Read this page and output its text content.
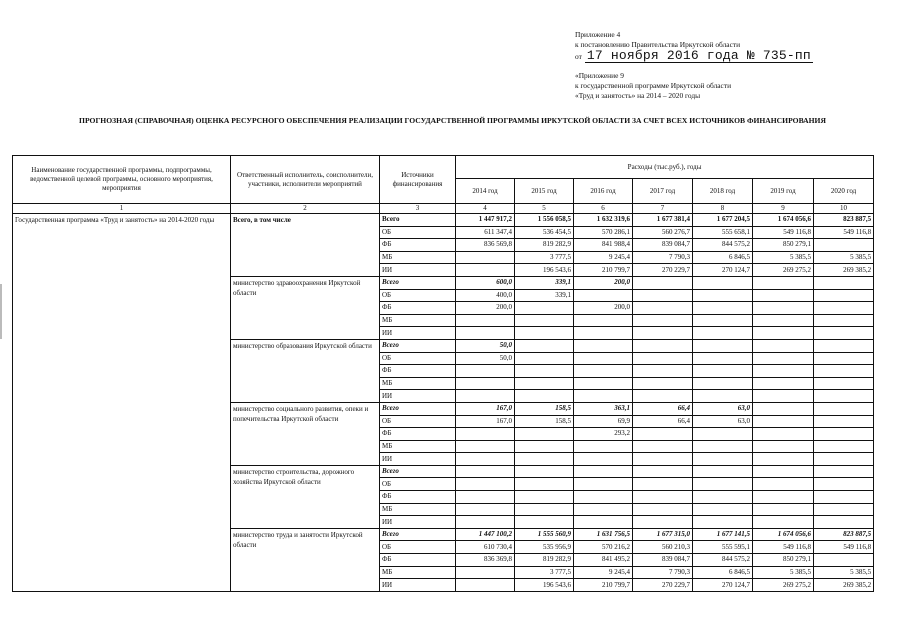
Приложение 4
к постановлению Правительства Иркутской области
от 17 ноября 2016 года № 735-пп
«Приложение 9
к государственной программе Иркутской области
«Труд и занятость» на 2014 – 2020 годы
ПРОГНОЗНАЯ (СПРАВОЧНАЯ) ОЦЕНКА РЕСУРСНОГО ОБЕСПЕЧЕНИЯ РЕАЛИЗАЦИИ ГОСУДАРСТВЕННОЙ ПРОГРАММЫ ИРКУТСКОЙ ОБЛАСТИ ЗА СЧЕТ ВСЕХ ИСТОЧНИКОВ ФИНАНСИРОВАНИЯ
Наименование государственной программы, подпрограммы, ведомственной целевой программы, основного мероприятия, мероприятия	Ответственный исполнитель, соисполнители, участники, исполнители мероприятий	Источники финансирования	Расходы (тыс.руб.), годы						
			2014 год	2015 год	2016 год	2017 год	2018 год	2019 год	2020 год
1	2	3	4	5	6	7	8	9	10
Государственная программа «Труд и занятость» на 2014-2020 годы	Всего, в том числе	Всего	1 447 917,2	1 556 058,5	1 632 319,6	1 677 381,4	1 677 204,5	1 674 056,6	823 887,5
		ОБ	611 347,4	536 454,5	570 286,1	560 276,7	555 658,1	549 116,8	549 116,8
		ФБ	836 569,8	819 282,9	841 988,4	839 084,7	844 575,2	850 279,1	
		МБ		3 777,5	9 245,4	7 790,3	6 846,5	5 385,5	5 385,5
		ИИ		196 543,6	210 799,7	270 229,7	270 124,7	269 275,2	269 385,2
	министерство здравоохранения Иркутской области	Всего	600,0	339,1	200,0				
		ОБ	400,0	339,1					
		ФБ	200,0		200,0				
		МБ							
		ИИ							
	министерство образования Иркутской области	Всего	50,0						
		ОБ	50,0						
		ФБ							
		МБ							
		ИИ							
	министерство социального развития, опеки и попечительства Иркутской области	Всего	167,0	158,5	363,1	66,4	63,0		
		ОБ	167,0	158,5	69,9	66,4	63,0		
		ФБ			293,2				
		МБ							
		ИИ							
	министерство строительства, дорожного хозяйства Иркутской области	Всего							
		ОБ							
		ФБ							
		МБ							
		ИИ							
	министерство труда и занятости Иркутской области	Всего	1 447 100,2	1 555 560,9	1 631 756,5	1 677 315,0	1 677 141,5	1 674 056,6	823 887,5
		ОБ	610 730,4	535 956,9	570 216,2	560 210,3	555 595,1	549 116,8	549 116,8
		ФБ	836 369,8	819 282,9	841 495,2	839 084,7	844 575,2	850 279,1	
		МБ		3 777,5	9 245,4	7 790,3	6 846,5	5 385,5	5 385,5
		ИИ		196 543,6	210 799,7	270 229,7	270 124,7	269 275,2	269 385,2
